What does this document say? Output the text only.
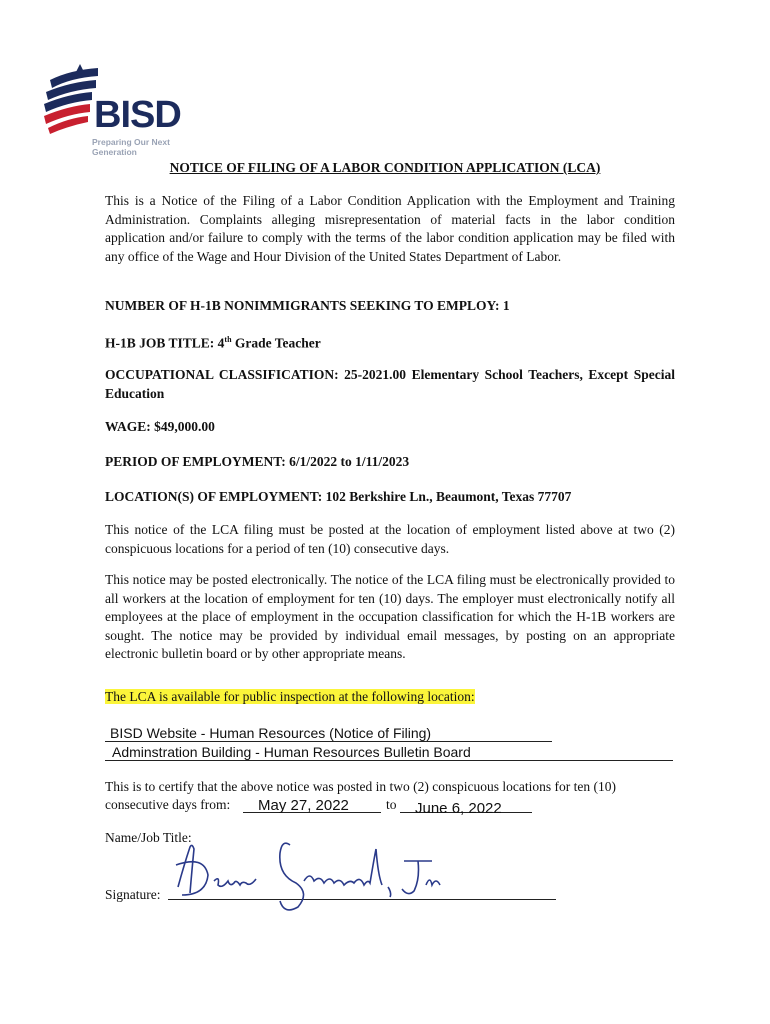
BISD
Preparing Our Next Generation
NOTICE OF FILING OF A LABOR CONDITION APPLICATION (LCA)
This is a Notice of the Filing of a Labor Condition Application with the Employment and Training Administration. Complaints alleging misrepresentation of material facts in the labor condition application and/or failure to comply with the terms of the labor condition application may be filed with any office of the Wage and Hour Division of the United States Department of Labor.
NUMBER OF H-1B NONIMMIGRANTS SEEKING TO EMPLOY: 1
H-1B JOB TITLE: 4th Grade Teacher
OCCUPATIONAL CLASSIFICATION: 25-2021.00 Elementary School Teachers, Except Special Education
WAGE: $49,000.00
PERIOD OF EMPLOYMENT: 6/1/2022 to 1/11/2023
LOCATION(S) OF EMPLOYMENT: 102 Berkshire Ln., Beaumont, Texas 77707
This notice of the LCA filing must be posted at the location of employment listed above at two (2) conspicuous locations for a period of ten (10) consecutive days.
This notice may be posted electronically. The notice of the LCA filing must be electronically provided to all workers at the location of employment for ten (10) days. The employer must electronically notify all employees at the place of employment in the occupation classification for which the H-1B workers are sought. The notice may be provided by individual email messages, by posting on an appropriate electronic bulletin board or by other appropriate means.
The LCA is available for public inspection at the following location:
BISD Website - Human Resources (Notice of Filing)
Adminstration Building - Human Resources Bulletin Board
This is to certify that the above notice was posted in two (2) conspicuous locations for ten (10)
consecutive days from: May 27, 2022	to June 6, 2022
Name/Job Title:
Signature:
